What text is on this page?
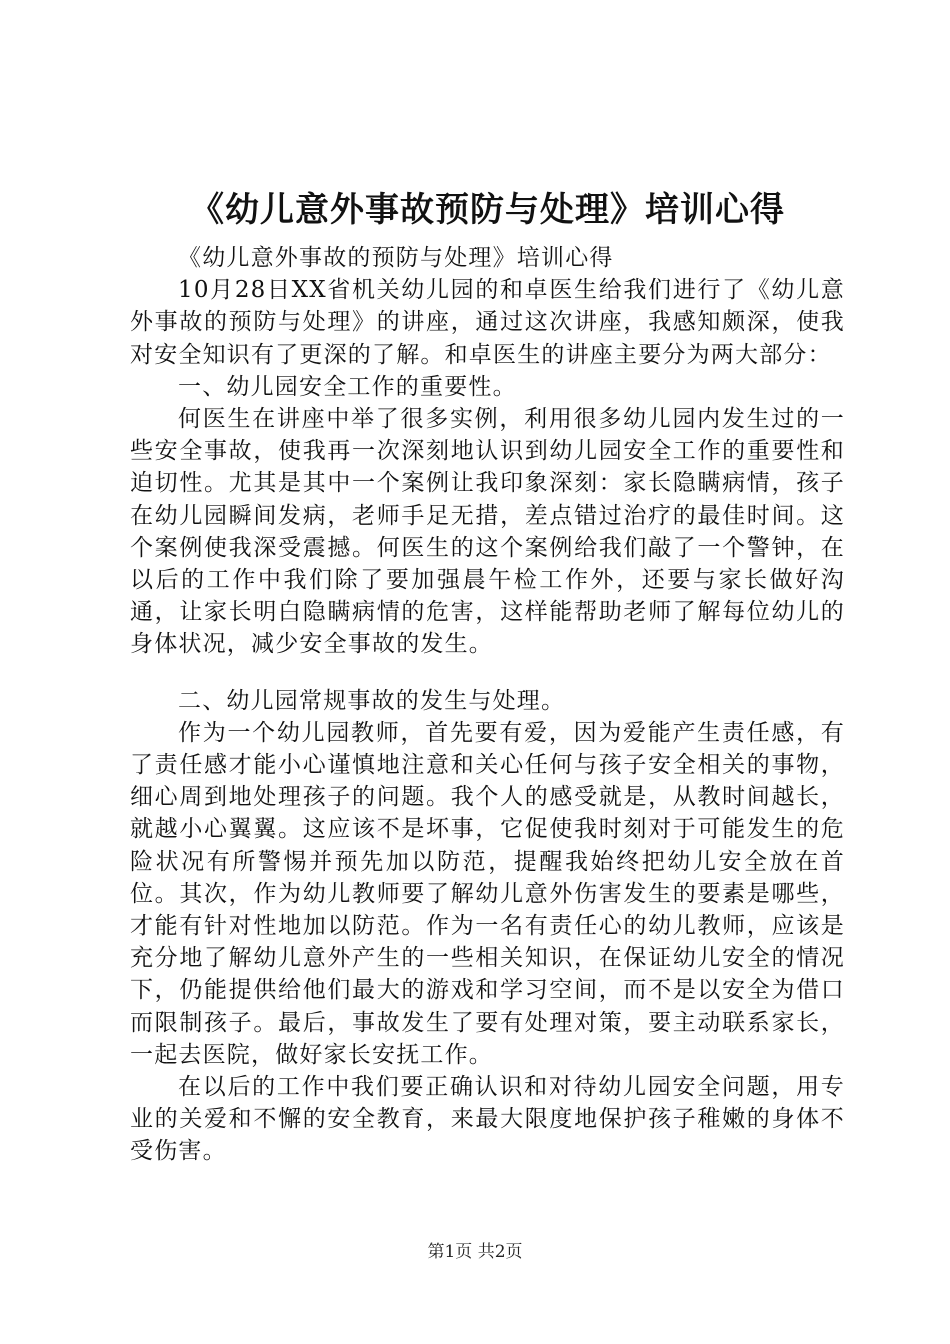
《幼儿意外事故预防与处理》培训心得

《幼儿意外事故的预防与处理》培训心得

10月28日XX省机关幼儿园的和卓医生给我们进行了《幼儿意外事故的预防与处理》的讲座，通过这次讲座，我感知颇深，使我对安全知识有了更深的了解。和卓医生的讲座主要分为两大部分：

一、幼儿园安全工作的重要性。

何医生在讲座中举了很多实例，利用很多幼儿园内发生过的一些安全事故，使我再一次深刻地认识到幼儿园安全工作的重要性和迫切性。尤其是其中一个案例让我印象深刻：家长隐瞒病情，孩子在幼儿园瞬间发病，老师手足无措，差点错过治疗的最佳时间。这个案例使我深受震撼。何医生的这个案例给我们敲了一个警钟，在以后的工作中我们除了要加强晨午检工作外，还要与家长做好沟通，让家长明白隐瞒病情的危害，这样能帮助老师了解每位幼儿的身体状况，减少安全事故的发生。

二、幼儿园常规事故的发生与处理。

作为一个幼儿园教师，首先要有爱，因为爱能产生责任感，有了责任感才能小心谨慎地注意和关心任何与孩子安全相关的事物，细心周到地处理孩子的问题。我个人的感受就是，从教时间越长，就越小心翼翼。这应该不是坏事，它促使我时刻对于可能发生的危险状况有所警惕并预先加以防范，提醒我始终把幼儿安全放在首位。其次，作为幼儿教师要了解幼儿意外伤害发生的要素是哪些，才能有针对性地加以防范。作为一名有责任心的幼儿教师，应该是充分地了解幼儿意外产生的一些相关知识，在保证幼儿安全的情况下，仍能提供给他们最大的游戏和学习空间，而不是以安全为借口而限制孩子。最后，事故发生了要有处理对策，要主动联系家长，一起去医院，做好家长安抚工作。

在以后的工作中我们要正确认识和对待幼儿园安全问题，用专业的关爱和不懈的安全教育，来最大限度地保护孩子稚嫩的身体不受伤害。

第1页 共2页
